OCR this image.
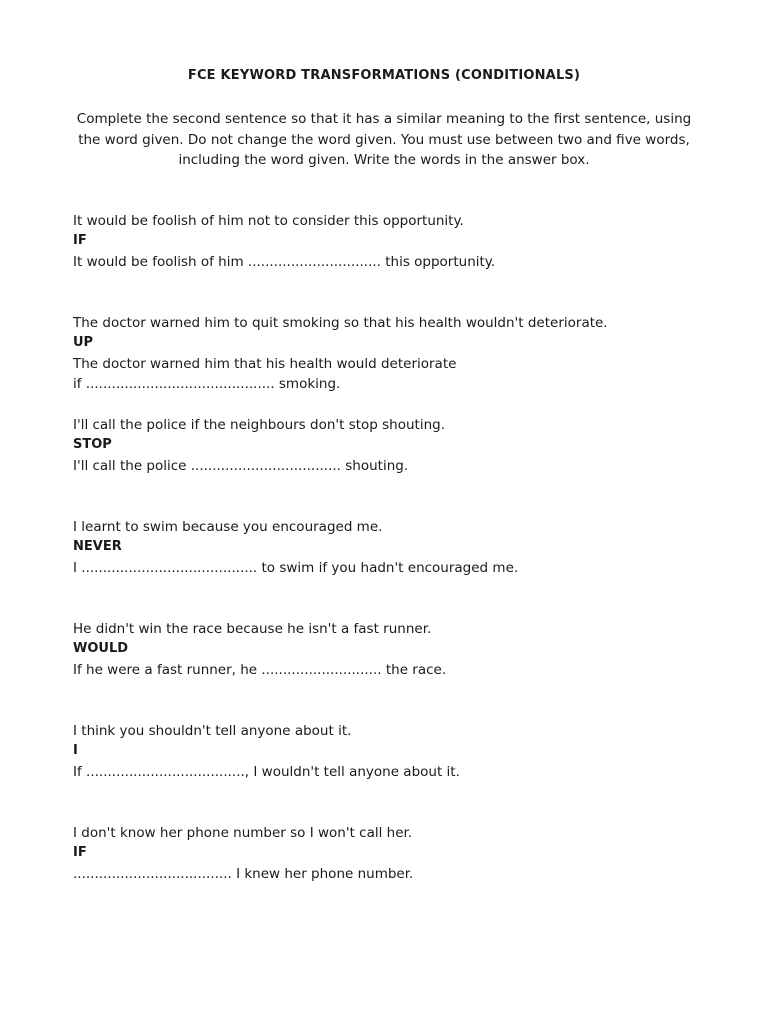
FCE KEYWORD TRANSFORMATIONS (CONDITIONALS)
Complete the second sentence so that it has a similar meaning to the first sentence, using the word given. Do not change the word given. You must use between two and five words, including the word given. Write the words in the answer box.

It would be foolish of him not to consider this opportunity.

IF

It would be foolish of him ............................... this opportunity.

The doctor warned him to quit smoking so that his health wouldn't deteriorate.

UP

The doctor warned him that his health would deteriorate

if ............................................ smoking.

I'll call the police if the neighbours don't stop shouting.

STOP

I'll call the police ................................... shouting.

I learnt to swim because you encouraged me.

NEVER

I ......................................... to swim if you hadn't encouraged me.

He didn't win the race because he isn't a fast runner.

WOULD

If he were a fast runner, he ............................ the race.

I think you shouldn't tell anyone about it.

I

If ....................................., I wouldn't tell anyone about it.

I don't know her phone number so I won't call her.

IF

..................................... I knew her phone number.
